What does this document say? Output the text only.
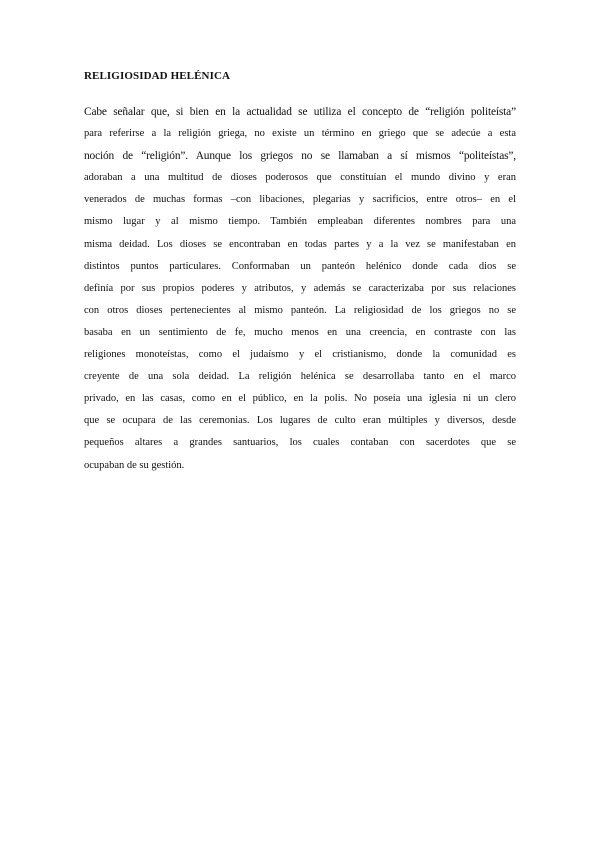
RELIGIOSIDAD HELÉNICA
Cabe señalar que, si bien en la actualidad se utiliza el concepto de “religión politeísta”
para referirse a la religión griega, no existe un término en griego que se adecúe a esta
noción de “religión”. Aunque los griegos no se llamaban a sí mismos “politeístas”,
adoraban a una multitud de dioses poderosos que constituían el mundo divino y eran
venerados de muchas formas –con libaciones, plegarias y sacrificios, entre otros– en el
mismo lugar y al mismo tiempo. También empleaban diferentes nombres para una
misma deidad. Los dioses se encontraban en todas partes y a la vez se manifestaban en
distintos puntos particulares. Conformaban un panteón helénico donde cada dios se
definía por sus propios poderes y atributos, y además se caracterizaba por sus relaciones
con otros dioses pertenecientes al mismo panteón. La religiosidad de los griegos no se
basaba en un sentimiento de fe, mucho menos en una creencia, en contraste con las
religiones monoteístas, como el judaísmo y el cristianismo, donde la comunidad es
creyente de una sola deidad. La religión helénica se desarrollaba tanto en el marco
privado, en las casas, como en el público, en la polis. No poseía una iglesia ni un clero
que se ocupara de las ceremonias. Los lugares de culto eran múltiples y diversos, desde
pequeños altares a grandes santuarios, los cuales contaban con sacerdotes que se
ocupaban de su gestión.
